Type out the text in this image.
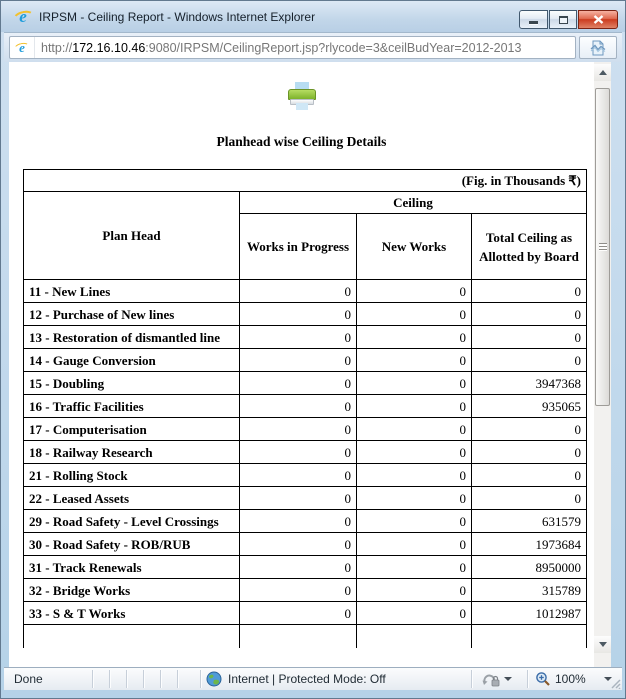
e	IRPSM - Ceiling Report - Windows Internet Explorer
e	http://172.16.10.46:9080/IRPSM/CeilingReport.jsp?rlycode=3&ceilBudYear=2012-2013
Planhead wise Ceiling Details
(Fig. in Thousands ₹)			
Plan Head	Ceiling		
	Works in Progress	New Works	Total Ceiling as Allotted by Board
11 - New Lines	0	0	0
12 - Purchase of New lines	0	0	0
13 - Restoration of dismantled line	0	0	0
14 - Gauge Conversion	0	0	0
15 - Doubling	0	0	3947368
16 - Traffic Facilities	0	0	935065
17 - Computerisation	0	0	0
18 - Railway Research	0	0	0
21 - Rolling Stock	0	0	0
22 - Leased Assets	0	0	0
29 - Road Safety - Level Crossings	0	0	631579
30 - Road Safety - ROB/RUB	0	0	1973684
31 - Track Renewals	0	0	8950000
32 - Bridge Works	0	0	315789
33 - S & T Works	0	0	1012987

Done	Internet | Protected Mode: Off	100%
